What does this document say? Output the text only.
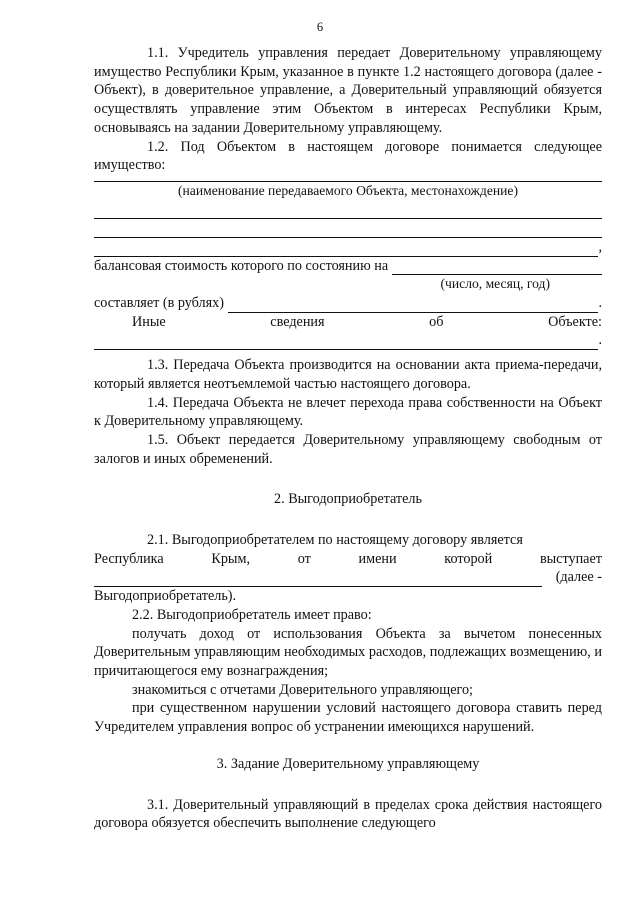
6

1.1. Учредитель управления передает Доверительному управляющему имущество Республики Крым, указанное в пункте 1.2 настоящего договора (далее - Объект), в доверительное управление, а Доверительный управляющий обязуется осуществлять управление этим Объектом в интересах Республики Крым, основываясь на задании Доверительному управляющему.

1.2. Под Объектом в настоящем договоре понимается следующее имущество:

(наименование передаваемого Объекта, местонахождение)
,
балансовая стоимость которого по состоянию на
(число, месяц, год)
составляет (в рублях)	.
Иные	сведения	об	Объекте:
.

1.3. Передача Объекта производится на основании акта приема-передачи, который является неотъемлемой частью настоящего договора.

1.4. Передача Объекта не влечет перехода права собственности на Объект к Доверительному управляющему.

1.5. Объект передается Доверительному управляющему свободным от залогов и иных обременений.

2. Выгодоприобретатель

2.1. Выгодоприобретателем по настоящему договору является

Республика	Крым,	от	имени	которой	выступает
(далее -

Выгодоприобретатель).

2.2. Выгодоприобретатель имеет право:

получать доход от использования Объекта за вычетом понесенных Доверительным управляющим необходимых расходов, подлежащих возмещению, и причитающегося ему вознаграждения;

знакомиться с отчетами Доверительного управляющего;

при существенном нарушении условий настоящего договора ставить перед Учредителем управления вопрос об устранении имеющихся нарушений.

3. Задание Доверительному управляющему

3.1. Доверительный управляющий в пределах срока действия настоящего договора обязуется обеспечить выполнение следующего
